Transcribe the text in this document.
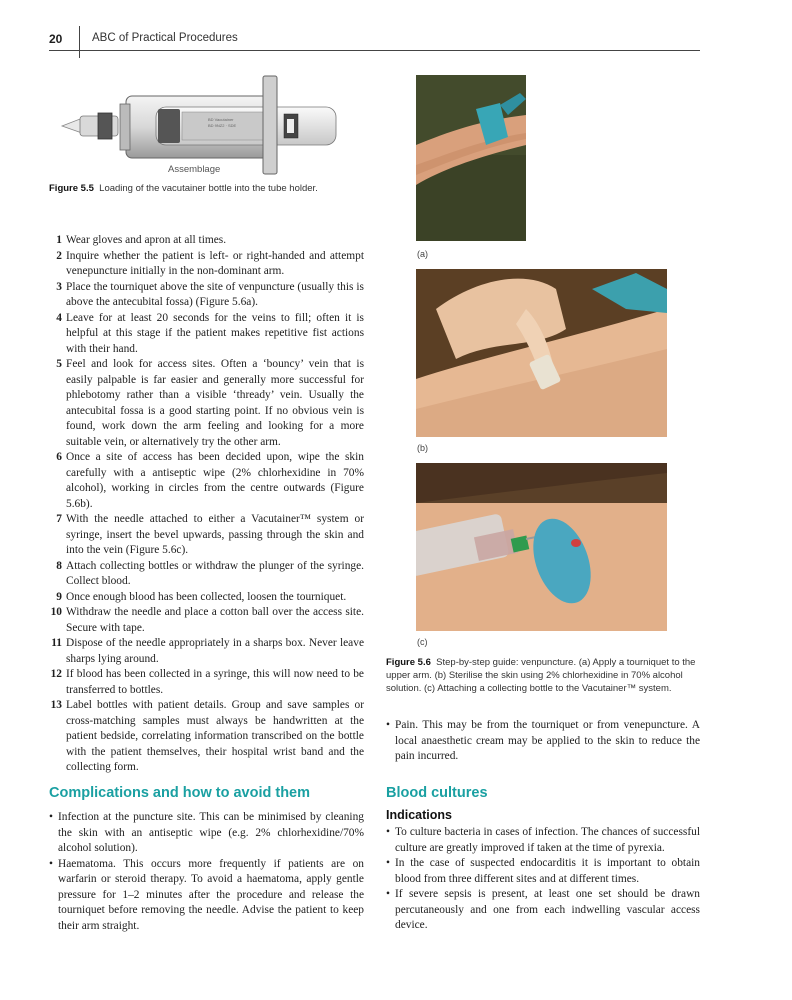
20	ABC of Practical Procedures
BD Vacutainer
BD 9NZ2 · SDE
Assemblage
Figure 5.5 Loading of the vacutainer bottle into the tube holder.
(a)
(b)
(c)
Figure 5.6 Step-by-step guide: venpuncture. (a) Apply a tourniquet to the upper arm. (b) Sterilise the skin using 2% chlorhexidine in 70% alcohol solution. (c) Attaching a collecting bottle to the Vacutainer™ system.
1 Wear gloves and apron at all times.
2 Inquire whether the patient is left- or right-handed and attempt venepuncture initially in the non-dominant arm.
3 Place the tourniquet above the site of venpuncture (usually this is above the antecubital fossa) (Figure 5.6a).
4 Leave for at least 20 seconds for the veins to fill; often it is helpful at this stage if the patient makes repetitive fist actions with their hand.
5 Feel and look for access sites. Often a ‘bouncy’ vein that is easily palpable is far easier and generally more successful for phlebotomy rather than a visible ‘thready’ vein. Usually the antecubital fossa is a good starting point. If no obvious vein is found, work down the arm feeling and looking for a more suitable vein, or alternatively try the other arm.
6 Once a site of access has been decided upon, wipe the skin carefully with a antiseptic wipe (2% chlorhexidine in 70% alcohol), working in circles from the centre outwards (Figure 5.6b).
7 With the needle attached to either a Vacutainer™ system or syringe, insert the bevel upwards, passing through the skin and into the vein (Figure 5.6c).
8 Attach collecting bottles or withdraw the plunger of the syringe. Collect blood.
9 Once enough blood has been collected, loosen the tourniquet.
10 Withdraw the needle and place a cotton ball over the access site. Secure with tape.
11 Dispose of the needle appropriately in a sharps box. Never leave sharps lying around.
12 If blood has been collected in a syringe, this will now need to be transferred to bottles.
13 Label bottles with patient details. Group and save samples or cross-matching samples must always be handwritten at the patient bedside, correlating information transcribed on the bottle with the patient themselves, their hospital wrist band and the collecting form.
• Pain. This may be from the tourniquet or from venepuncture. A local anaesthetic cream may be applied to the skin to reduce the pain incurred.
Complications and how to avoid them
• Infection at the puncture site. This can be minimised by cleaning the skin with an antiseptic wipe (e.g. 2% chlorhexidine/70% alcohol solution).
• Haematoma. This occurs more frequently if patients are on warfarin or steroid therapy. To avoid a haematoma, apply gentle pressure for 1–2 minutes after the procedure and release the tourniquet before removing the needle. Advise the patient to keep their arm straight.
Blood cultures
Indications
• To culture bacteria in cases of infection. The chances of successful culture are greatly improved if taken at the time of pyrexia.
• In the case of suspected endocarditis it is important to obtain blood from three different sites and at different times.
• If severe sepsis is present, at least one set should be drawn percutaneously and one from each indwelling vascular access device.
